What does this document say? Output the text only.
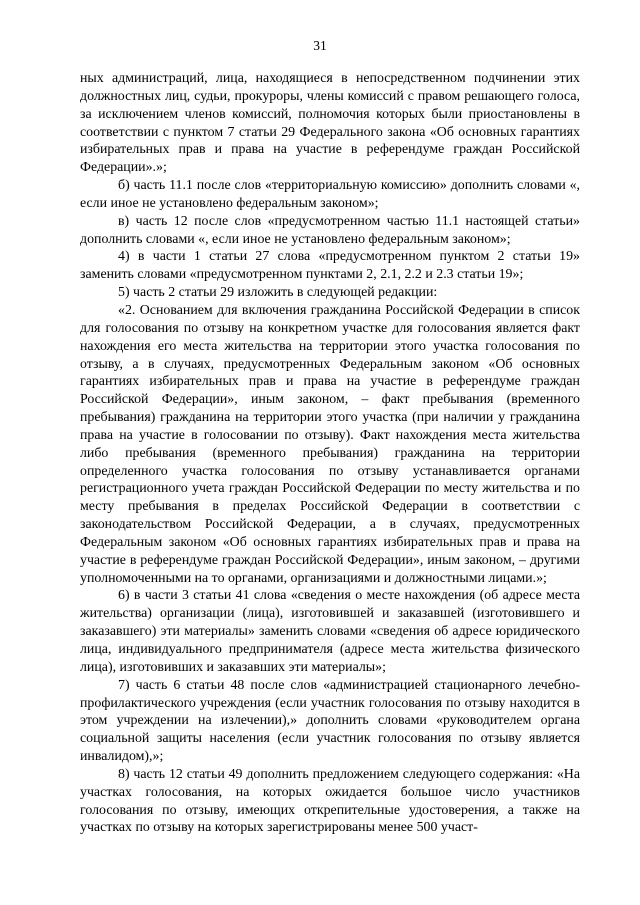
31

ных администраций, лица, находящиеся в непосредственном подчинении этих должностных лиц, судьи, прокуроры, члены комиссий с правом решающего голоса, за исключением членов комиссий, полномочия которых были приостановлены в соответствии с пунктом 7 статьи 29 Федерального закона «Об основных гарантиях избирательных прав и права на участие в референдуме граждан Российской Федерации».»;

б) часть 11.1 после слов «территориальную комиссию» дополнить словами «, если иное не установлено федеральным законом»;

в) часть 12 после слов «предусмотренном частью 11.1 настоящей статьи» дополнить словами «, если иное не установлено федеральным законом»;

4) в части 1 статьи 27 слова «предусмотренном пунктом 2 статьи 19» заменить словами «предусмотренном пунктами 2, 2.1, 2.2 и 2.3 статьи 19»;

5) часть 2 статьи 29 изложить в следующей редакции:

«2. Основанием для включения гражданина Российской Федерации в список для голосования по отзыву на конкретном участке для голосования является факт нахождения его места жительства на территории этого участка голосования по отзыву, а в случаях, предусмотренных Федеральным законом «Об основных гарантиях избирательных прав и права на участие в референдуме граждан Российской Федерации», иным законом, – факт пребывания (временного пребывания) гражданина на территории этого участка (при наличии у гражданина права на участие в голосовании по отзыву). Факт нахождения места жительства либо пребывания (временного пребывания) гражданина на территории определенного участка голосования по отзыву устанавливается органами регистрационного учета граждан Российской Федерации по месту жительства и по месту пребывания в пределах Российской Федерации в соответствии с законодательством Российской Федерации, а в случаях, предусмотренных Федеральным законом «Об основных гарантиях избирательных прав и права на участие в референдуме граждан Российской Федерации», иным законом, – другими уполномоченными на то органами, организациями и должностными лицами.»;

6) в части 3 статьи 41 слова «сведения о месте нахождения (об адресе места жительства) организации (лица), изготовившей и заказавшей (изготовившего и заказавшего) эти материалы» заменить словами «сведения об адресе юридического лица, индивидуального предпринимателя (адресе места жительства физического лица), изготовивших и заказавших эти материалы»;

7) часть 6 статьи 48 после слов «администрацией стационарного лечебно-профилактического учреждения (если участник голосования по отзыву находится в этом учреждении на излечении),» дополнить словами «руководителем органа социальной защиты населения (если участник голосования по отзыву является инвалидом),»;

8) часть 12 статьи 49 дополнить предложением следующего содержания: «На участках голосования, на которых ожидается большое число участников голосования по отзыву, имеющих открепительные удостоверения, а также на участках по отзыву на которых зарегистрированы менее 500 участ-
